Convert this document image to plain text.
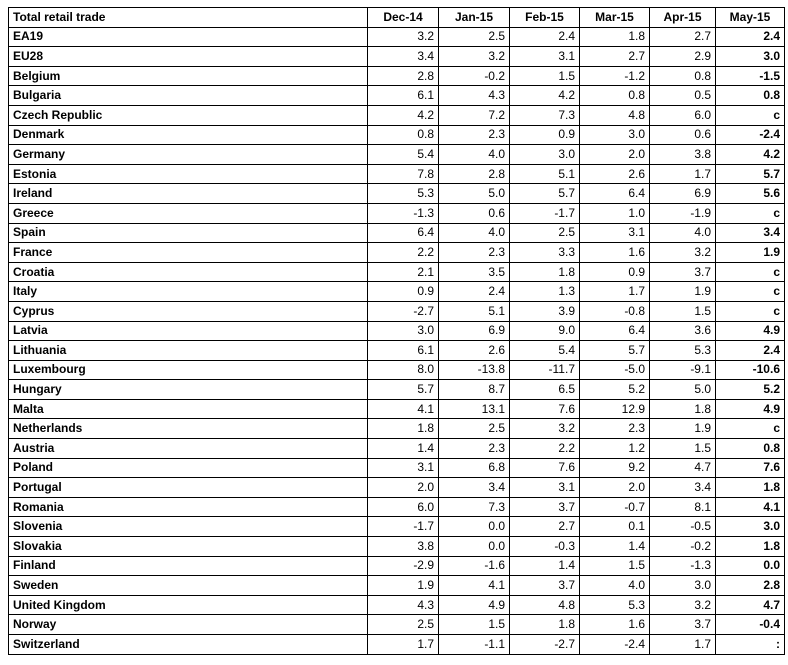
Total retail trade	Dec-14	Jan-15	Feb-15	Mar-15	Apr-15	May-15
EA19	3.2	2.5	2.4	1.8	2.7	2.4
EU28	3.4	3.2	3.1	2.7	2.9	3.0
Belgium	2.8	-0.2	1.5	-1.2	0.8	-1.5
Bulgaria	6.1	4.3	4.2	0.8	0.5	0.8
Czech Republic	4.2	7.2	7.3	4.8	6.0	c
Denmark	0.8	2.3	0.9	3.0	0.6	-2.4
Germany	5.4	4.0	3.0	2.0	3.8	4.2
Estonia	7.8	2.8	5.1	2.6	1.7	5.7
Ireland	5.3	5.0	5.7	6.4	6.9	5.6
Greece	-1.3	0.6	-1.7	1.0	-1.9	c
Spain	6.4	4.0	2.5	3.1	4.0	3.4
France	2.2	2.3	3.3	1.6	3.2	1.9
Croatia	2.1	3.5	1.8	0.9	3.7	c
Italy	0.9	2.4	1.3	1.7	1.9	c
Cyprus	-2.7	5.1	3.9	-0.8	1.5	c
Latvia	3.0	6.9	9.0	6.4	3.6	4.9
Lithuania	6.1	2.6	5.4	5.7	5.3	2.4
Luxembourg	8.0	-13.8	-11.7	-5.0	-9.1	-10.6
Hungary	5.7	8.7	6.5	5.2	5.0	5.2
Malta	4.1	13.1	7.6	12.9	1.8	4.9
Netherlands	1.8	2.5	3.2	2.3	1.9	c
Austria	1.4	2.3	2.2	1.2	1.5	0.8
Poland	3.1	6.8	7.6	9.2	4.7	7.6
Portugal	2.0	3.4	3.1	2.0	3.4	1.8
Romania	6.0	7.3	3.7	-0.7	8.1	4.1
Slovenia	-1.7	0.0	2.7	0.1	-0.5	3.0
Slovakia	3.8	0.0	-0.3	1.4	-0.2	1.8
Finland	-2.9	-1.6	1.4	1.5	-1.3	0.0
Sweden	1.9	4.1	3.7	4.0	3.0	2.8
United Kingdom	4.3	4.9	4.8	5.3	3.2	4.7
Norway	2.5	1.5	1.8	1.6	3.7	-0.4
Switzerland	1.7	-1.1	-2.7	-2.4	1.7	:
